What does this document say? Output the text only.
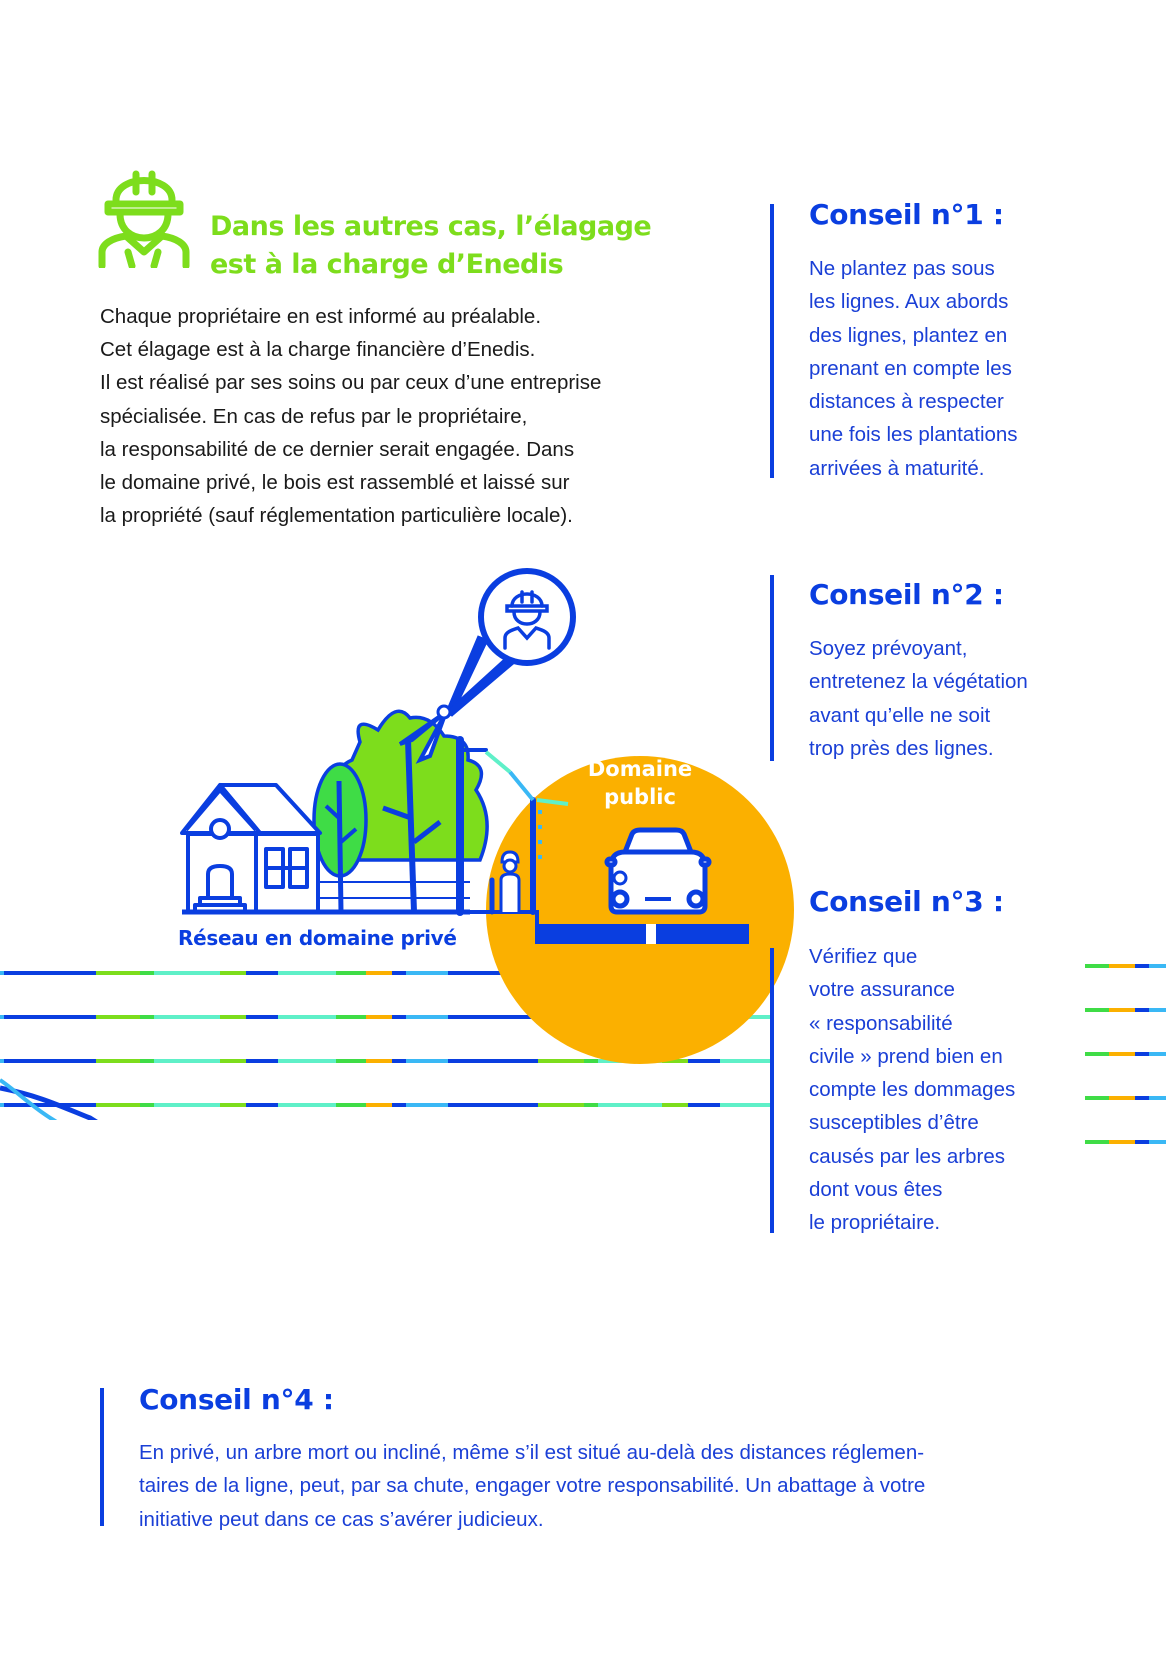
Dans les autres cas, l’élagage
est à la charge d’Enedis
Chaque propriétaire en est informé au préalable.
Cet élagage est à la charge financière d’Enedis.
Il est réalisé par ses soins ou par ceux d’une entreprise
spécialisée. En cas de refus par le propriétaire,
la responsabilité de ce dernier serait engagée. Dans
le domaine privé, le bois est rassemblé et laissé sur
la propriété (sauf réglementation particulière locale).
Conseil n°1 :
Ne plantez pas sous
les lignes. Aux abords
des lignes, plantez en
prenant en compte les
distances à respecter
une fois les plantations
arrivées à maturité.
Conseil n°2 :
Soyez prévoyant,
entretenez la végétation
avant qu’elle ne soit
trop près des lignes.
Réseau en domaine privé
Domaine
public
Conseil n°3 :
Vérifiez que
votre assurance
« responsabilité
civile » prend bien en
compte les dommages
susceptibles d’être
causés par les arbres
dont vous êtes
le propriétaire.
Conseil n°4 :
En privé, un arbre mort ou incliné, même s’il est situé au-delà des distances réglemen-
taires de la ligne, peut, par sa chute, engager votre responsabilité. Un abattage à votre
initiative peut dans ce cas s’avérer judicieux.
